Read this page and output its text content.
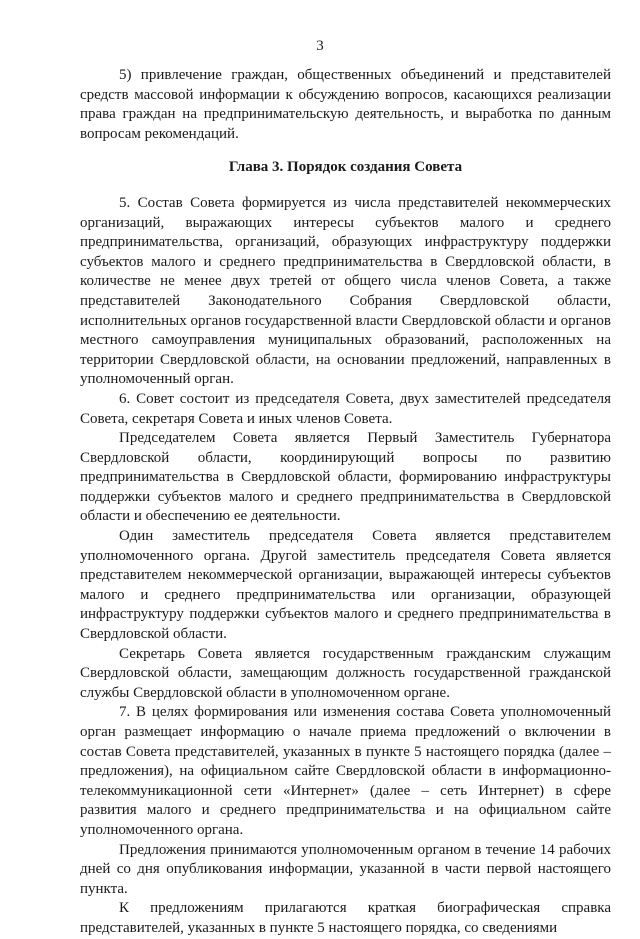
3

5) привлечение граждан, общественных объединений и представителей средств массовой информации к обсуждению вопросов, касающихся реализации права граждан на предпринимательскую деятельность, и выработка по данным вопросам рекомендаций.

Глава 3. Порядок создания Совета

5. Состав Совета формируется из числа представителей некоммерческих организаций, выражающих интересы субъектов малого и среднего предпринимательства, организаций, образующих инфраструктуру поддержки субъектов малого и среднего предпринимательства в Свердловской области, в количестве не менее двух третей от общего числа членов Совета, а также представителей Законодательного Собрания Свердловской области, исполнительных органов государственной власти Свердловской области и органов местного самоуправления муниципальных образований, расположенных на территории Свердловской области, на основании предложений, направленных в уполномоченный орган.

6. Совет состоит из председателя Совета, двух заместителей председателя Совета, секретаря Совета и иных членов Совета.

Председателем Совета является Первый Заместитель Губернатора Свердловской области, координирующий вопросы по развитию предпринимательства в Свердловской области, формированию инфраструктуры поддержки субъектов малого и среднего предпринимательства в Свердловской области и обеспечению ее деятельности.

Один заместитель председателя Совета является представителем уполномоченного органа. Другой заместитель председателя Совета является представителем некоммерческой организации, выражающей интересы субъектов малого и среднего предпринимательства или организации, образующей инфраструктуру поддержки субъектов малого и среднего предпринимательства в Свердловской области.

Секретарь Совета является государственным гражданским служащим Свердловской области, замещающим должность государственной гражданской службы Свердловской области в уполномоченном органе.

7. В целях формирования или изменения состава Совета уполномоченный орган размещает информацию о начале приема предложений о включении в состав Совета представителей, указанных в пункте 5 настоящего порядка (далее – предложения), на официальном сайте Свердловской области в информационно-телекоммуникационной сети «Интернет» (далее – сеть Интернет) в сфере развития малого и среднего предпринимательства и на официальном сайте уполномоченного органа.

Предложения принимаются уполномоченным органом в течение 14 рабочих дней со дня опубликования информации, указанной в части первой настоящего пункта.

К предложениям прилагаются краткая биографическая справка представителей, указанных в пункте 5 настоящего порядка, со сведениями
